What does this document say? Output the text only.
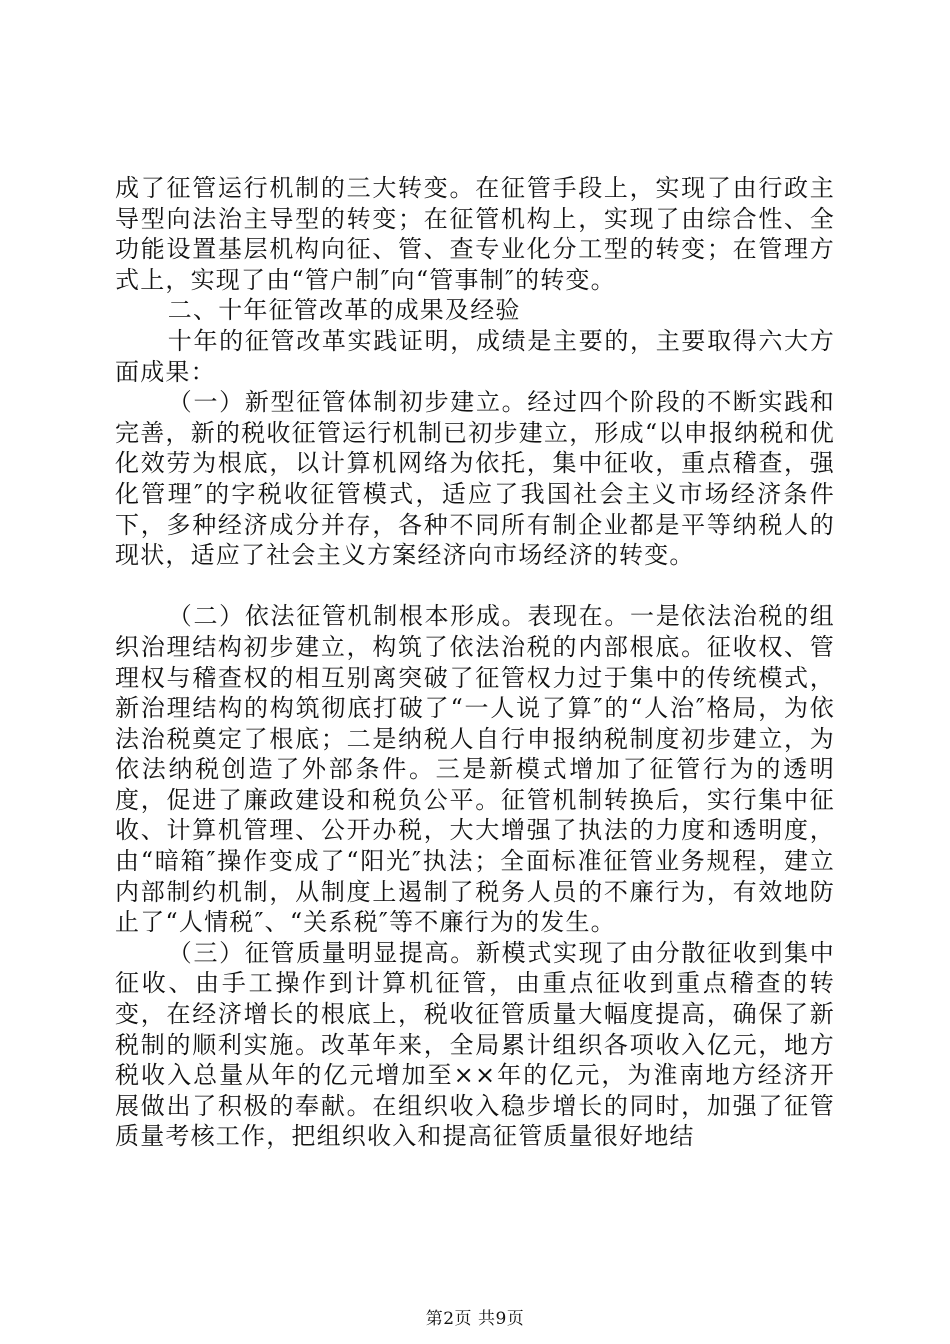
成了征管运行机制的三大转变。在征管手段上，实现了由行政主导型向法治主导型的转变；在征管机构上，实现了由综合性、全功能设置基层机构向征、管、查专业化分工型的转变；在管理方式上，实现了由“管户制″向“管事制″的转变。

二、十年征管改革的成果及经验

十年的征管改革实践证明，成绩是主要的，主要取得六大方面成果：

（一）新型征管体制初步建立。经过四个阶段的不断实践和完善，新的税收征管运行机制已初步建立，形成“以申报纳税和优化效劳为根底，以计算机网络为依托，集中征收，重点稽查，强化管理″的字税收征管模式，适应了我国社会主义市场经济条件下，多种经济成分并存，各种不同所有制企业都是平等纳税人的现状，适应了社会主义方案经济向市场经济的转变。

（二）依法征管机制根本形成。表现在。一是依法治税的组织治理结构初步建立，构筑了依法治税的内部根底。征收权、管理权与稽查权的相互别离突破了征管权力过于集中的传统模式，新治理结构的构筑彻底打破了“一人说了算″的“人治″格局，为依法治税奠定了根底；二是纳税人自行申报纳税制度初步建立，为依法纳税创造了外部条件。三是新模式增加了征管行为的透明度，促进了廉政建设和税负公平。征管机制转换后，实行集中征收、计算机管理、公开办税，大大增强了执法的力度和透明度，由“暗箱″操作变成了“阳光″执法；全面标准征管业务规程，建立内部制约机制，从制度上遏制了税务人员的不廉行为，有效地防止了“人情税″、“关系税″等不廉行为的发生。

（三）征管质量明显提高。新模式实现了由分散征收到集中征收、由手工操作到计算机征管，由重点征收到重点稽查的转变，在经济增长的根底上，税收征管质量大幅度提高，确保了新税制的顺利实施。改革年来，全局累计组织各项收入亿元，地方税收入总量从年的亿元增加至××年的亿元，为淮南地方经济开展做出了积极的奉献。在组织收入稳步增长的同时，加强了征管质量考核工作，把组织收入和提高征管质量很好地结

第2页 共9页
